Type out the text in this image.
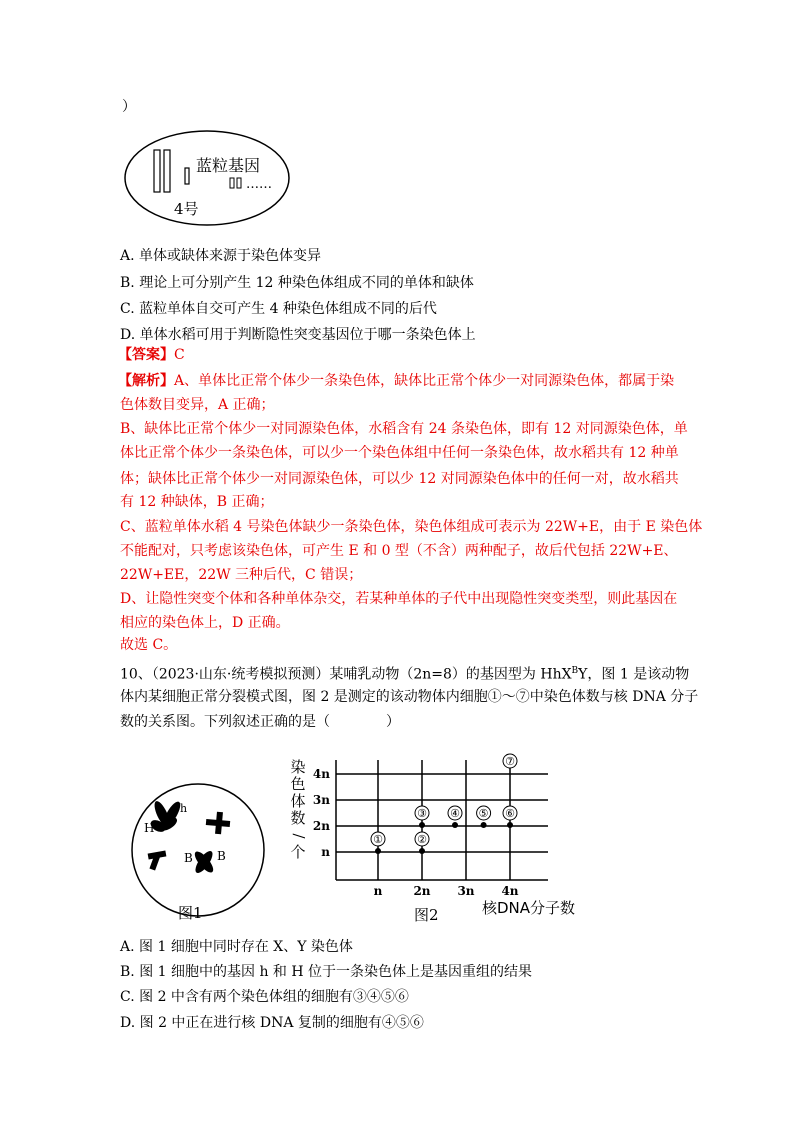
）
蓝粒基因
……
4号
A. 单体或缺体来源于染色体变异
B. 理论上可分别产生 12 种染色体组成不同的单体和缺体
C. 蓝粒单体自交可产生 4 种染色体组成不同的后代
D. 单体水稻可用于判断隐性突变基因位于哪一条染色体上
【答案】C
【解析】A、单体比正常个体少一条染色体，缺体比正常个体少一对同源染色体，都属于染
色体数目变异，A 正确；
B、缺体比正常个体少一对同源染色体，水稻含有 24 条染色体，即有 12 对同源染色体，单
体比正常个体少一条染色体，可以少一个染色体组中任何一条染色体，故水稻共有 12 种单
体；缺体比正常个体少一对同源染色体，可以少 12 对同源染色体中的任何一对，故水稻共
有 12 种缺体，B 正确；
C、蓝粒单体水稻 4 号染色体缺少一条染色体，染色体组成可表示为 22W+E，由于 E 染色体
不能配对，只考虑该染色体，可产生 E 和 0 型（不含）两种配子，故后代包括 22W+E、
22W+EE，22W 三种后代，C 错误；
D、让隐性突变个体和各种单体杂交，若某种单体的子代中出现隐性突变类型，则此基因在
相应的染色体上，D 正确。
故选 C。
10、（2023·山东·统考模拟预测）某哺乳动物（2n=8）的基因型为 HhX$^B$Y，图 1 是该动物
体内某细胞正常分裂模式图，图 2 是测定的该动物体内细胞①～⑦中染色体数与核 DNA 分子
数的关系图。下列叙述正确的是（　　　　）
h
H
B B
图1
染
色
体
数
/
个
n
n
2n
2n
3n
3n
4n
4n
①	②
③ ④ ⑤ ⑥
⑦
图2	核DNA分子数
A. 图 1 细胞中同时存在 X、Y 染色体
B. 图 1 细胞中的基因 h 和 H 位于一条染色体上是基因重组的结果
C. 图 2 中含有两个染色体组的细胞有③④⑤⑥
D. 图 2 中正在进行核 DNA 复制的细胞有④⑤⑥
